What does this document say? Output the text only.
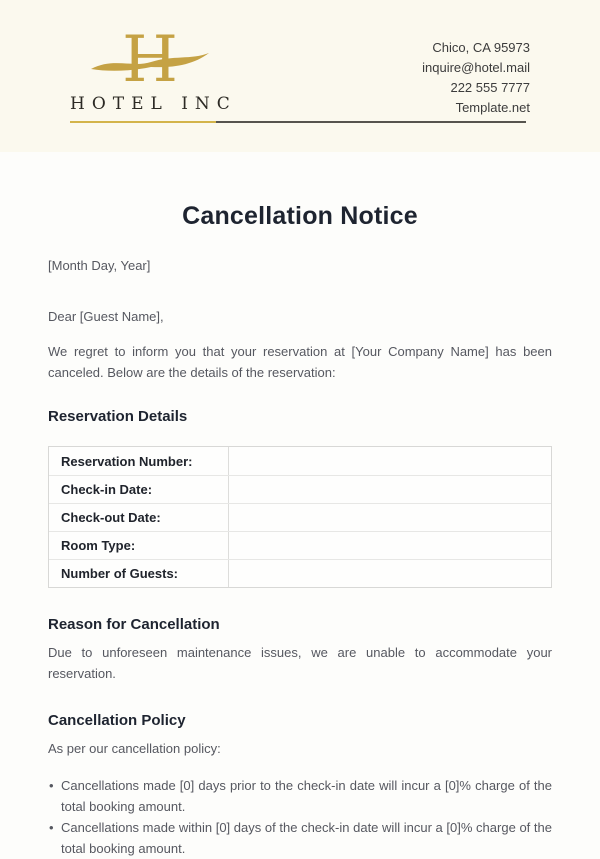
H
HOTEL INC
Chico, CA 95973
inquire@hotel.mail
222 555 7777
Template.net
Cancellation Notice
[Month Day, Year]
Dear [Guest Name],
We regret to inform you that your reservation at [Your Company Name] has been canceled. Below are the details of the reservation:
Reservation Details
Reservation Number:
Check-in Date:
Check-out Date:
Room Type:
Number of Guests:
Reason for Cancellation
Due to unforeseen maintenance issues, we are unable to accommodate your reservation.
Cancellation Policy
As per our cancellation policy:
• Cancellations made [0] days prior to the check-in date will incur a [0]% charge of the total booking amount.
• Cancellations made within [0] days of the check-in date will incur a [0]% charge of the total booking amount.
